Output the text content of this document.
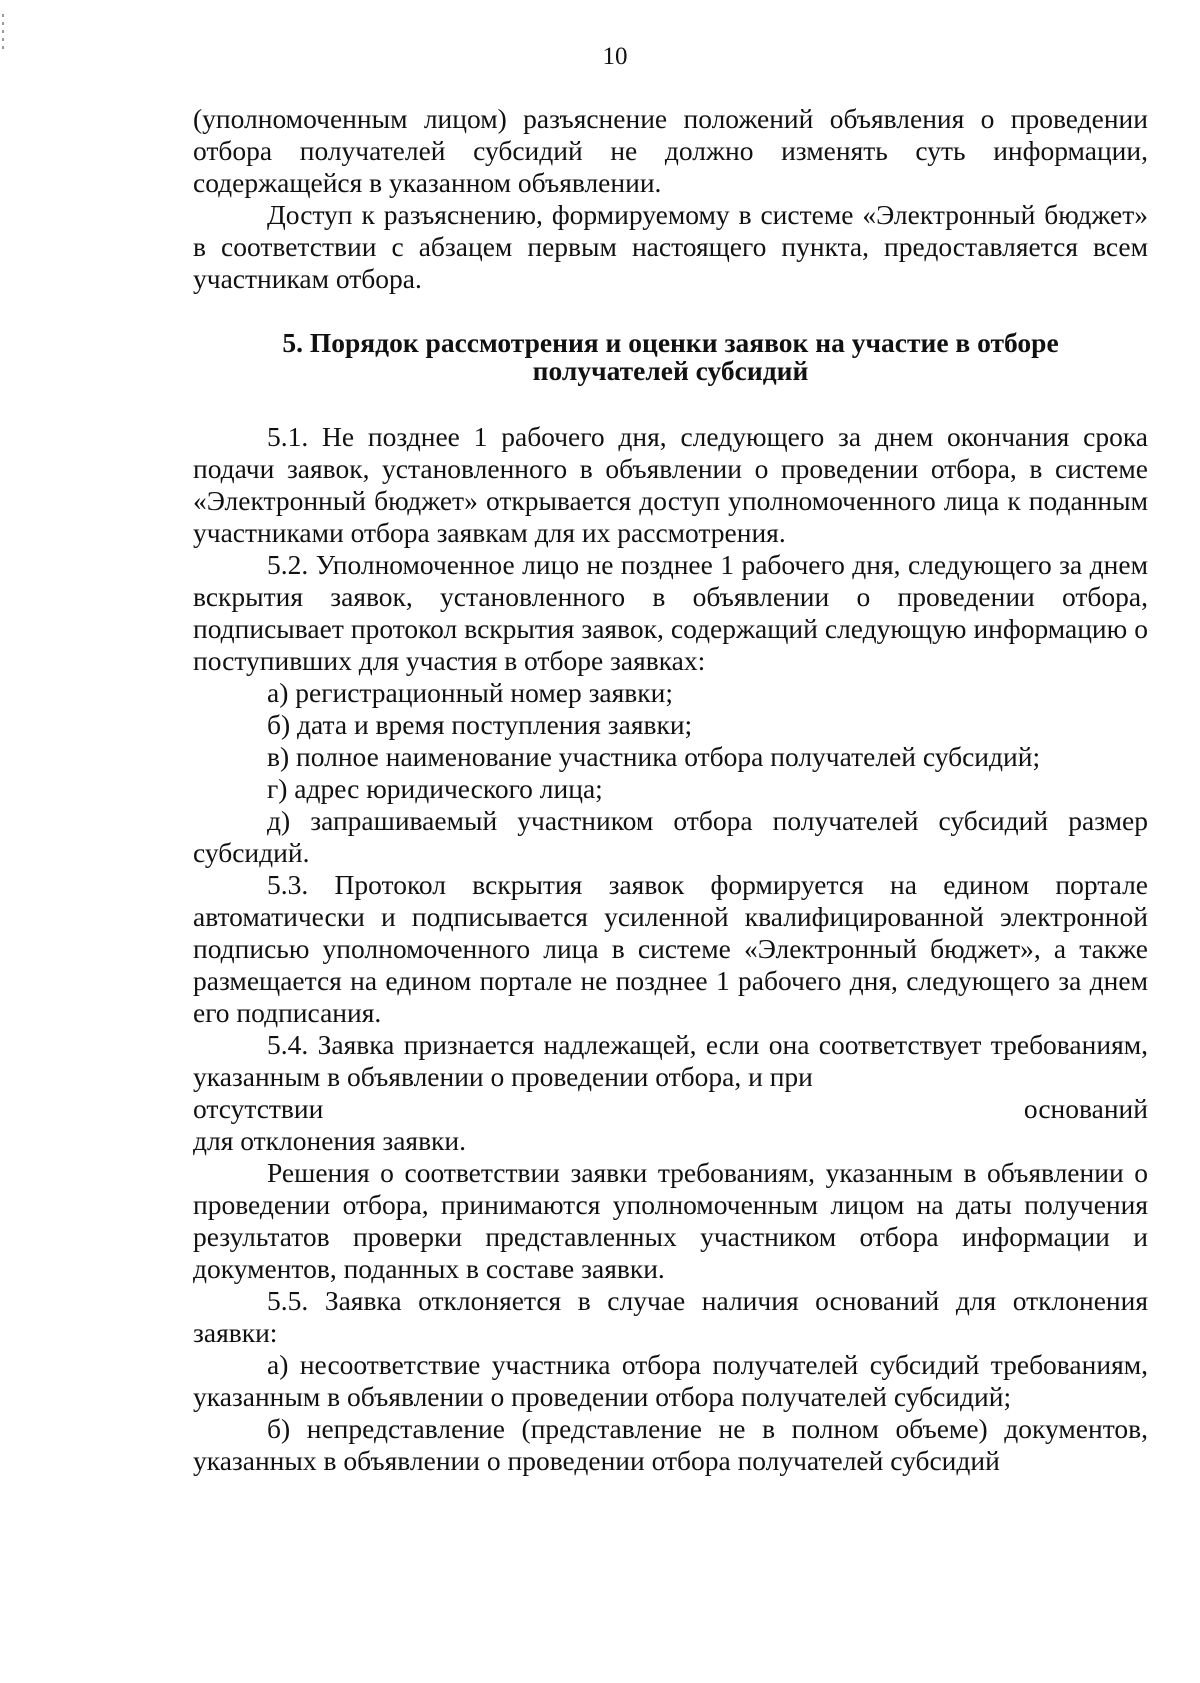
10

(уполномоченным лицом) разъяснение положений объявления о проведении отбора получателей субсидий не должно изменять суть информации, содержащейся в указанном объявлении.

Доступ к разъяснению, формируемому в системе «Электронный бюджет» в соответствии с абзацем первым настоящего пункта, предоставляется всем участникам отбора.

5. Порядок рассмотрения и оценки заявок на участие в отборе
получателей субсидий

5.1. Не позднее 1 рабочего дня, следующего за днем окончания срока подачи заявок, установленного в объявлении о проведении отбора, в системе «Электронный бюджет» открывается доступ уполномоченного лица к поданным участниками отбора заявкам для их рассмотрения.

5.2. Уполномоченное лицо не позднее 1 рабочего дня, следующего за днем вскрытия заявок, установленного в объявлении о проведении отбора, подписывает протокол вскрытия заявок, содержащий следующую информацию о поступивших для участия в отборе заявках:

а) регистрационный номер заявки;

б) дата и время поступления заявки;

в) полное наименование участника отбора получателей субсидий;

г) адрес юридического лица;

д) запрашиваемый участником отбора получателей субсидий размер субсидий.

5.3. Протокол вскрытия заявок формируется на едином портале автоматически и подписывается усиленной квалифицированной электронной подписью уполномоченного лица в системе «Электронный бюджет», а также размещается на едином портале не позднее 1 рабочего дня, следующего за днем его подписания.

5.4. Заявка признается надлежащей, если она соответствует требованиям, указанным в объявлении о проведении отбора, и при

отсутствии	оснований

для отклонения заявки.

Решения о соответствии заявки требованиям, указанным в объявлении о проведении отбора, принимаются уполномоченным лицом на даты получения результатов проверки представленных участником отбора информации и документов, поданных в составе заявки.

5.5. Заявка отклоняется в случае наличия оснований для отклонения заявки:

а) несоответствие участника отбора получателей субсидий требованиям, указанным в объявлении о проведении отбора получателей субсидий;

б) непредставление (представление не в полном объеме) документов, указанных в объявлении о проведении отбора получателей субсидий
